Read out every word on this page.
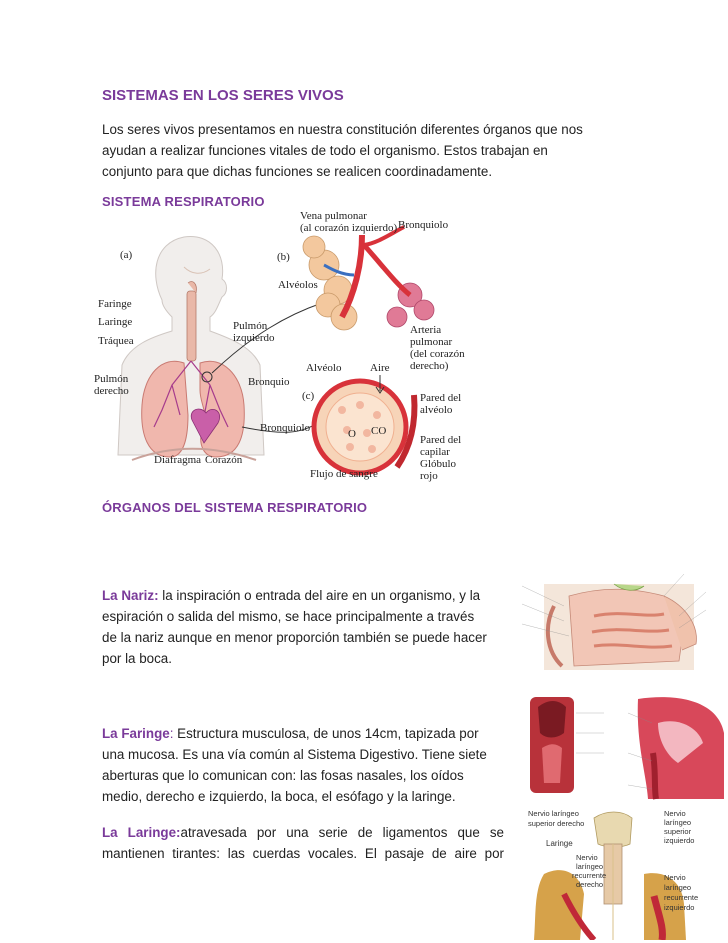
SISTEMAS EN LOS SERES VIVOS
Los seres vivos presentamos en nuestra constitución diferentes órganos que nos
ayudan a realizar funciones vitales de todo el organismo. Estos trabajan en
conjunto para que dichas funciones se realicen coordinadamente.
SISTEMA RESPIRATORIO
(a)
Faringe
Laringe
Tráquea
Pulmón
derecho
Pulmón
izquierdo
Bronquio
Bronquiolo
Diafragma Corazón
(b)
Vena pulmonar
(al corazón izquierdo) Bronquiolo
Alvéolos
Arteria
pulmonar
(del corazón
derecho)
(c)
Alvéolo	Aire
Pared del
alvéolo
O CO
Pared del
capilar
Glóbulo
rojo
Flujo de sangre
ÓRGANOS DEL SISTEMA RESPIRATORIO
La Nariz: la inspiración o entrada del aire en un organismo, y la
espiración o salida del mismo, se hace principalmente a través
de la nariz aunque en menor proporción también se puede hacer
por la boca.
La Faringe: Estructura musculosa, de unos 14cm, tapizada por
una mucosa. Es una vía común al Sistema Digestivo. Tiene siete
aberturas que lo comunican con: las fosas nasales, los oídos
medio, derecho e izquierdo, la boca, el esófago y la laringe.
La Laringe:atravesada por una serie de ligamentos que se
mantienen tirantes: las cuerdas vocales. El pasaje de aire por
Nervio laríngeo
superior derecho
Nervio
laríngeo
superior
izquierdo
Laringe
Nervio
laríngeo
recurrente
derecho
Nervio
laríngeo
recurrente
izquierdo
